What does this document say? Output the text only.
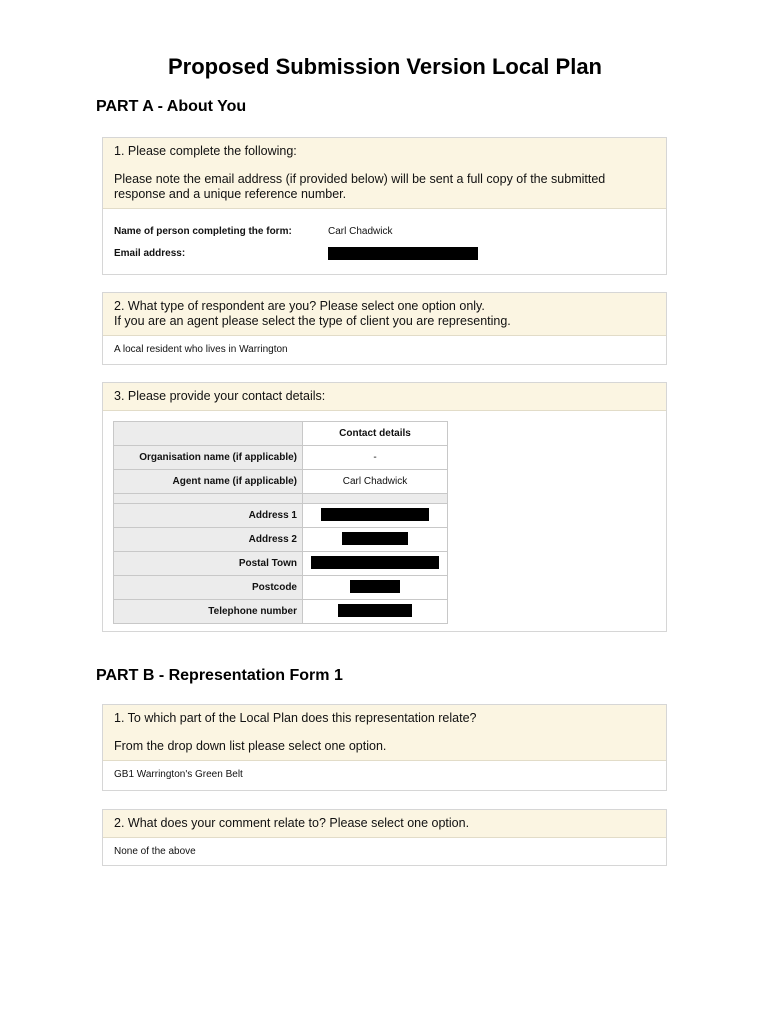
Proposed Submission Version Local Plan
PART A - About You

1. Please complete the following:

Please note the email address (if provided below) will be sent a full copy of the submitted response and a unique reference number.

Name of person completing the form:	Carl Chadwick
Email address:

2. What type of respondent are you? Please select one option only.

If you are an agent please select the type of client you are representing.

A local resident who lives in Warrington

3. Please provide your contact details:

	Contact details
Organisation name (if applicable)	-
Agent name (if applicable)	Carl Chadwick

Address 1	
Address 2	
Postal Town	
Postcode	
Telephone number	
PART B - Representation Form 1

1. To which part of the Local Plan does this representation relate?

From the drop down list please select one option.

GB1 Warrington's Green Belt

2. What does your comment relate to? Please select one option.

None of the above
